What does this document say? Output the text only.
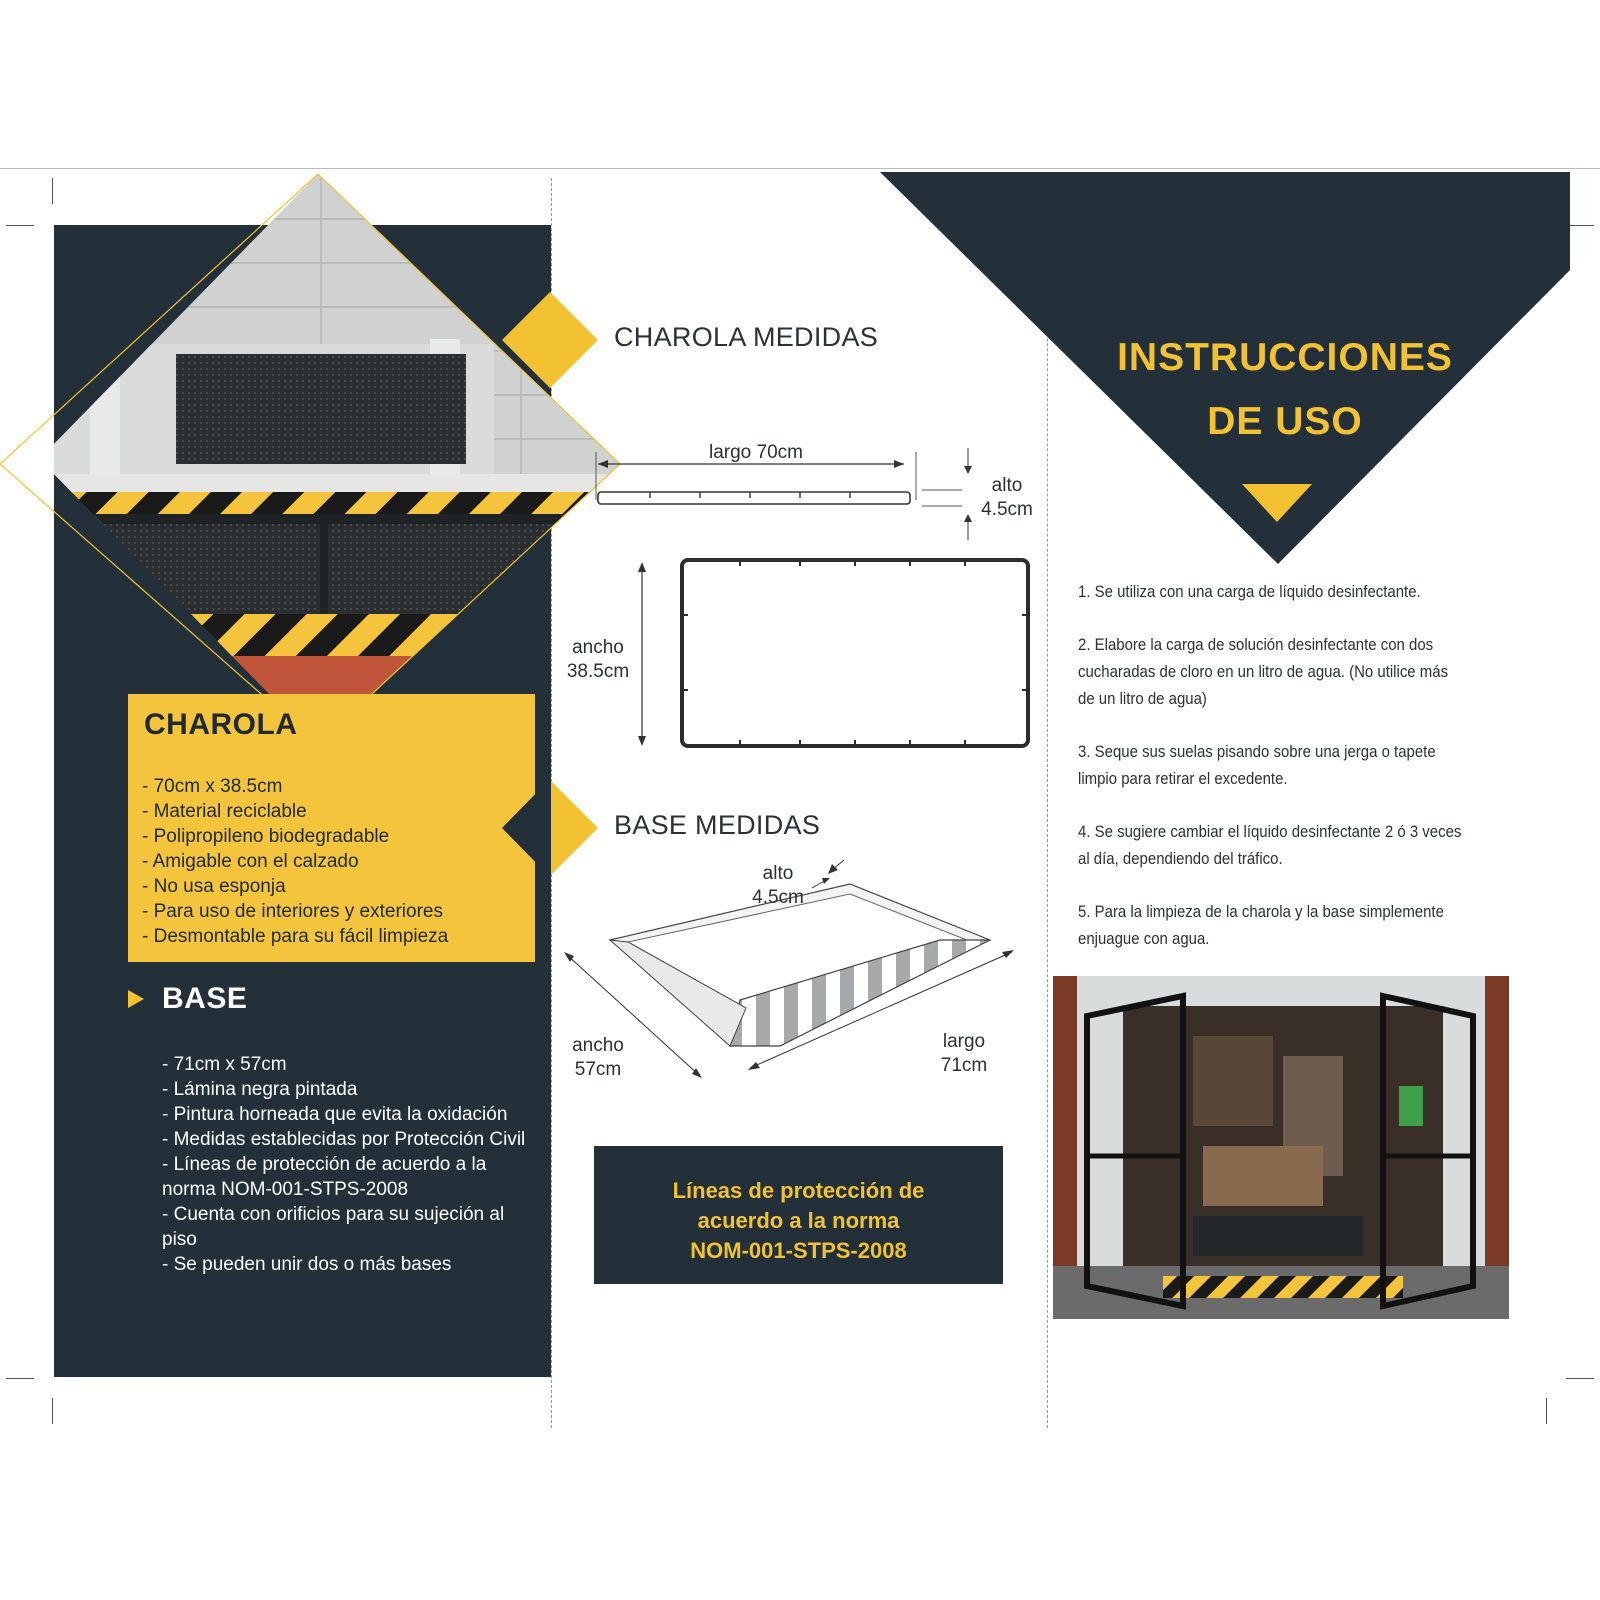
CHAROLA
- 70cm x 38.5cm
- Material reciclable
- Polipropileno biodegradable
- Amigable con el calzado
- No usa esponja
- Para uso de interiores y exteriores
- Desmontable para su fácil limpieza
BASE
- 71cm x 57cm
- Lámina negra pintada
- Pintura horneada que evita la oxidación
- Medidas establecidas por Protección Civil
- Líneas de protección de acuerdo a la norma NOM-001-STPS-2008
- Cuenta con orificios para su sujeción al piso
- Se pueden unir dos o más bases
CHAROLA MEDIDAS
largo 70cm
alto
4.5cm
ancho
38.5cm
BASE MEDIDAS
alto
4.5cm
ancho
57cm
largo
71cm
Líneas de protección de
acuerdo a la norma
NOM-001-STPS-2008
INSTRUCCIONES
DE USO
1. Se utiliza con una carga de líquido desinfectante.
2. Elabore la carga de solución desinfectante con dos cucharadas de cloro en un litro de agua. (No utilice más de un litro de agua)
3. Seque sus suelas pisando sobre una jerga o tapete limpio para retirar el excedente.
4. Se sugiere cambiar el líquido desinfectante 2 ó 3 veces al día, dependiendo del tráfico.
5. Para la limpieza de la charola y la base simplemente enjuague con agua.
